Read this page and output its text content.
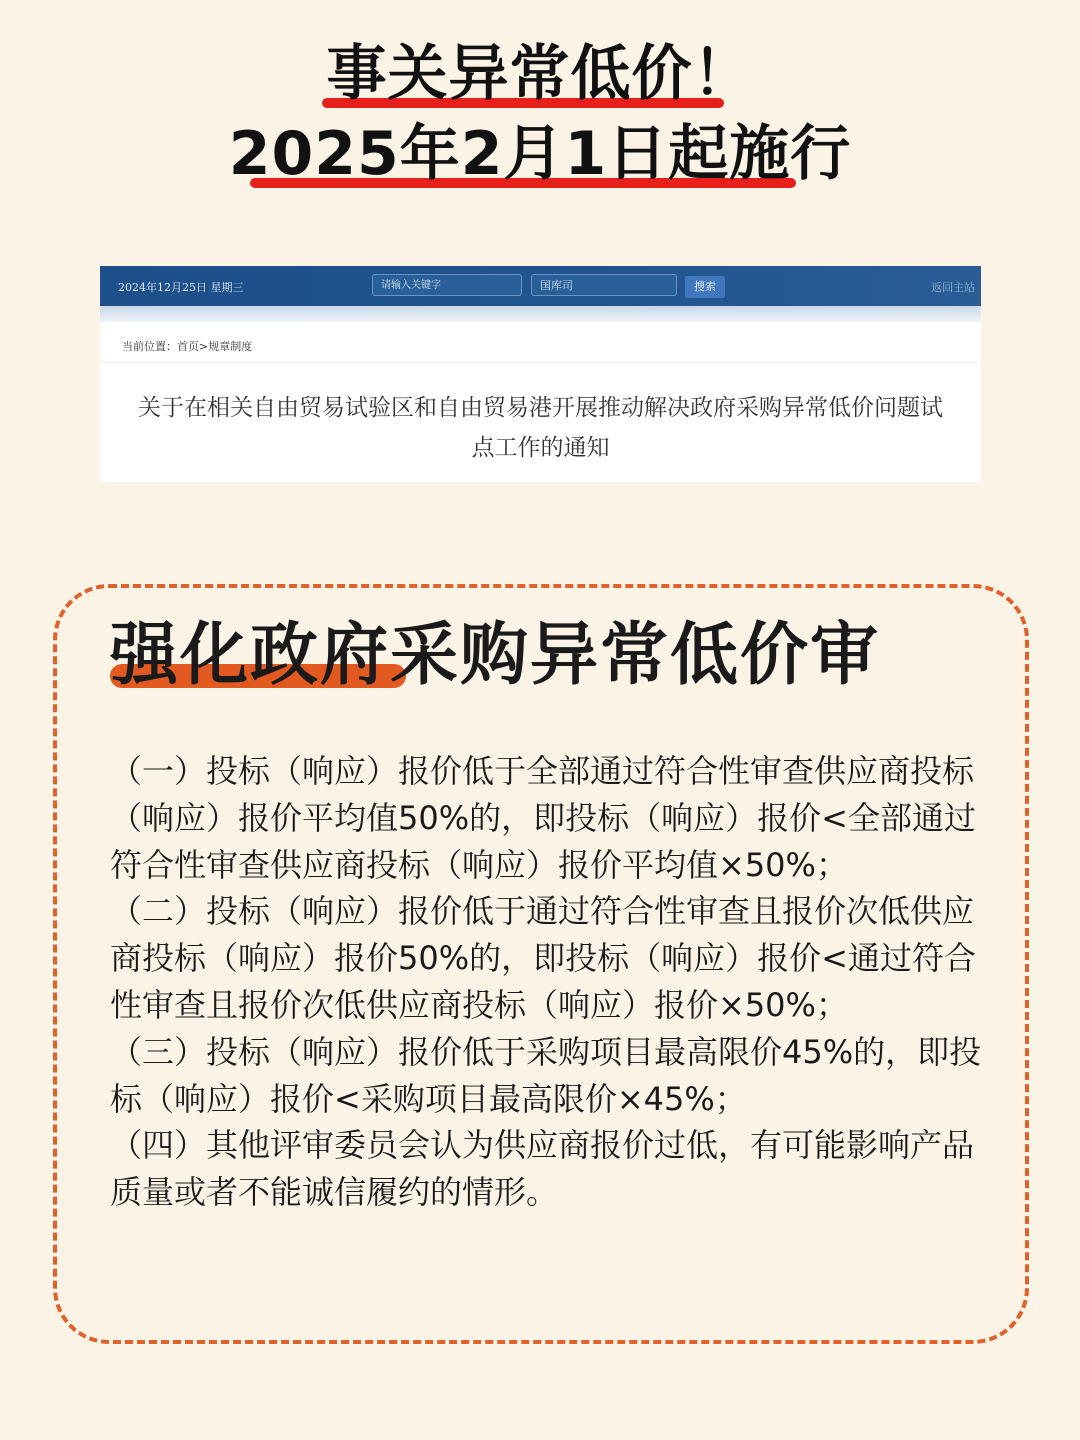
事关异常低价！
2025年2月1日起施行
2024年12月25日 星期三	请输入关键字	国库司	搜索	返回主站
当前位置：首页>规章制度
关于在相关自由贸易试验区和自由贸易港开展推动解决政府采购异常低价问题试点工作的通知
强化政府采购异常低价审

（一）投标（响应）报价低于全部通过符合性审查供应商投标（响应）报价平均值50%的，即投标（响应）报价<全部通过符合性审查供应商投标（响应）报价平均值×50%；

（二）投标（响应）报价低于通过符合性审查且报价次低供应商投标（响应）报价50%的，即投标（响应）报价<通过符合性审查且报价次低供应商投标（响应）报价×50%；

（三）投标（响应）报价低于采购项目最高限价45%的，即投标（响应）报价<采购项目最高限价×45%；

（四）其他评审委员会认为供应商报价过低，有可能影响产品质量或者不能诚信履约的情形。
